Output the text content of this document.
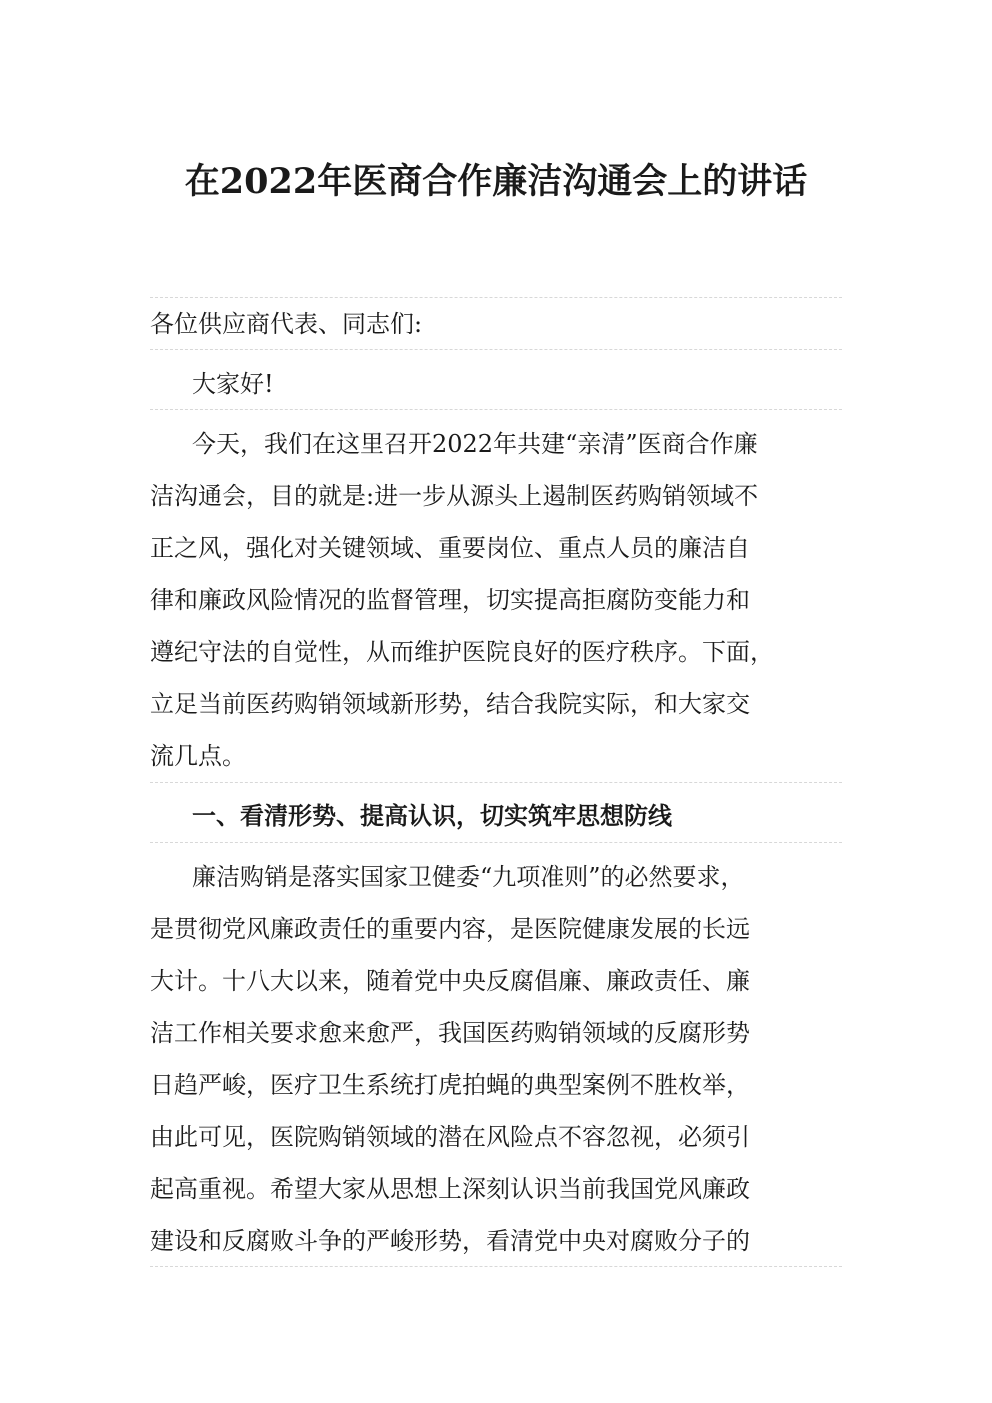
在2022年医商合作廉洁沟通会上的讲话

各位供应商代表、同志们:

大家好!

今天，我们在这里召开2022年共建“亲清”医商合作廉

洁沟通会，目的就是:进一步从源头上遏制医药购销领域不

正之风，强化对关键领域、重要岗位、重点人员的廉洁自

律和廉政风险情况的监督管理，切实提高拒腐防变能力和

遵纪守法的自觉性，从而维护医院良好的医疗秩序。下面，

立足当前医药购销领域新形势，结合我院实际，和大家交

流几点。

一、看清形势、提高认识，切实筑牢思想防线

廉洁购销是落实国家卫健委“九项准则”的必然要求，

是贯彻党风廉政责任的重要内容，是医院健康发展的长远

大计。十八大以来，随着党中央反腐倡廉、廉政责任、廉

洁工作相关要求愈来愈严，我国医药购销领域的反腐形势

日趋严峻，医疗卫生系统打虎拍蝇的典型案例不胜枚举，

由此可见，医院购销领域的潜在风险点不容忽视，必须引

起高重视。希望大家从思想上深刻认识当前我国党风廉政

建设和反腐败斗争的严峻形势，看清党中央对腐败分子的
